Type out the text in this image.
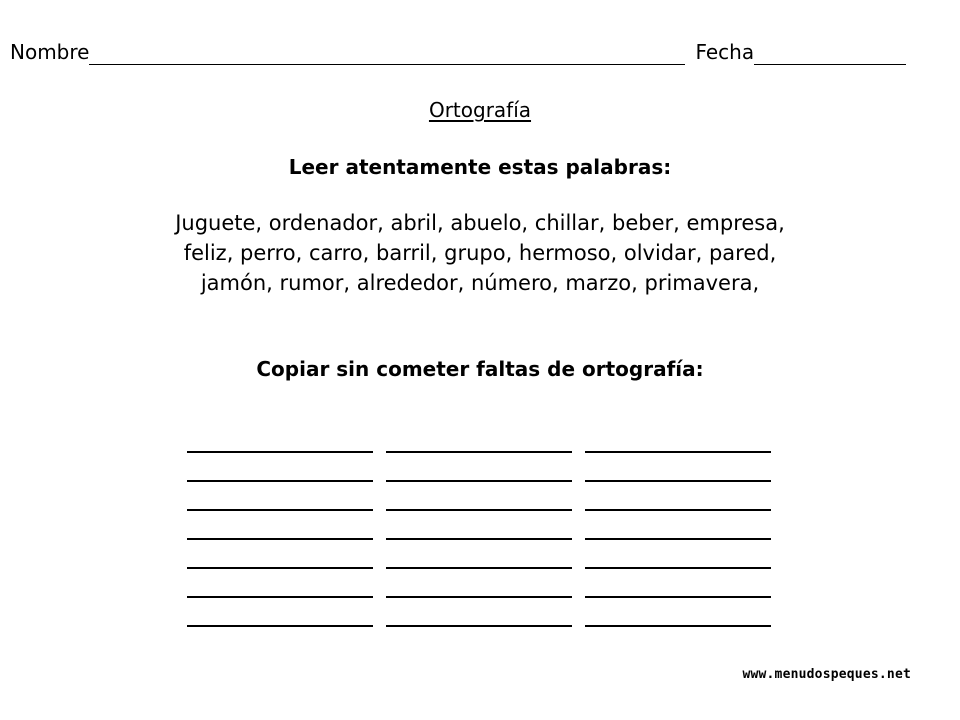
Nombre	Fecha
Ortografía
Leer atentamente estas palabras:
Juguete, ordenador, abril, abuelo, chillar, beber, empresa,
feliz, perro, carro, barril, grupo, hermoso, olvidar, pared,
jamón, rumor, alrededor, número, marzo, primavera,
Copiar sin cometer faltas de ortografía:
www.menudospeques.net
